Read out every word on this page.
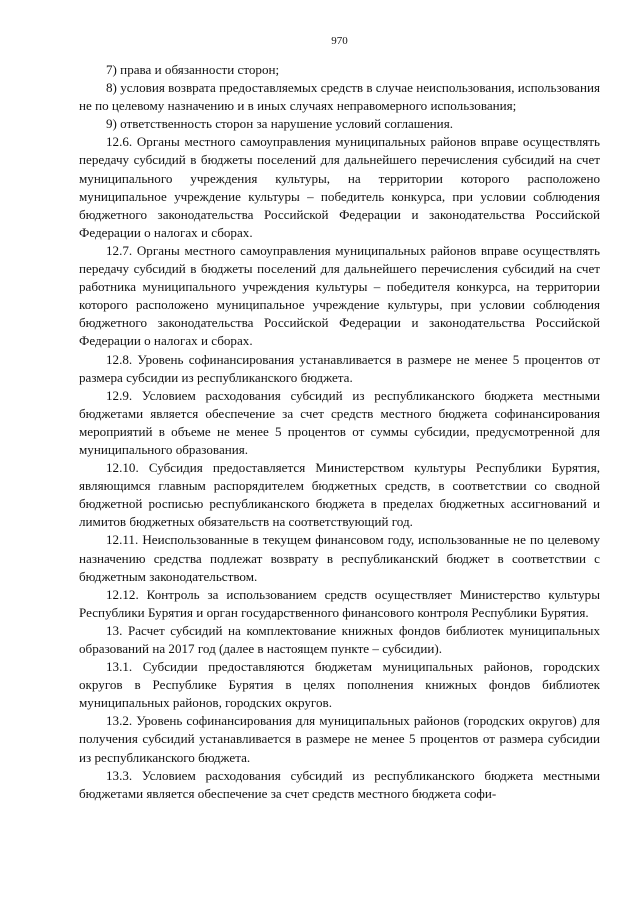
970

7) права и обязанности сторон;

8) условия возврата предоставляемых средств в случае неиспользования, использования не по целевому назначению и в иных случаях неправомерного использования;

9) ответственность сторон за нарушение условий соглашения.

12.6. Органы местного самоуправления муниципальных районов вправе осуществлять передачу субсидий в бюджеты поселений для дальнейшего перечисления субсидий на счет муниципального учреждения культуры, на территории которого расположено муниципальное учреждение культуры – победитель конкурса, при условии соблюдения бюджетного законодательства Российской Федерации и законодательства Российской Федерации о налогах и сборах.

12.7. Органы местного самоуправления муниципальных районов вправе осуществлять передачу субсидий в бюджеты поселений для дальнейшего перечисления субсидий на счет работника муниципального учреждения культуры – победителя конкурса, на территории которого расположено муниципальное учреждение культуры, при условии соблюдения бюджетного законодательства Российской Федерации и законодательства Российской Федерации о налогах и сборах.

12.8. Уровень софинансирования устанавливается в размере не менее 5 процентов от размера субсидии из республиканского бюджета.

12.9. Условием расходования субсидий из республиканского бюджета местными бюджетами является обеспечение за счет средств местного бюджета софинансирования мероприятий в объеме не менее 5 процентов от суммы субсидии, предусмотренной для муниципального образования.

12.10. Субсидия предоставляется Министерством культуры Республики Бурятия, являющимся главным распорядителем бюджетных средств, в соответствии со сводной бюджетной росписью республиканского бюджета в пределах бюджетных ассигнований и лимитов бюджетных обязательств на соответствующий год.

12.11. Неиспользованные в текущем финансовом году, использованные не по целевому назначению средства подлежат возврату в республиканский бюджет в соответствии с бюджетным законодательством.

12.12. Контроль за использованием средств осуществляет Министерство культуры Республики Бурятия и орган государственного финансового контроля Республики Бурятия.

13. Расчет субсидий на комплектование книжных фондов библиотек муниципальных образований на 2017 год (далее в настоящем пункте – субсидии).

13.1. Субсидии предоставляются бюджетам муниципальных районов, городских округов в Республике Бурятия в целях пополнения книжных фондов библиотек муниципальных районов, городских округов.

13.2. Уровень софинансирования для муниципальных районов (городских округов) для получения субсидий устанавливается в размере не менее 5 процентов от размера субсидии из республиканского бюджета.

13.3. Условием расходования субсидий из республиканского бюджета местными бюджетами является обеспечение за счет средств местного бюджета софи-
